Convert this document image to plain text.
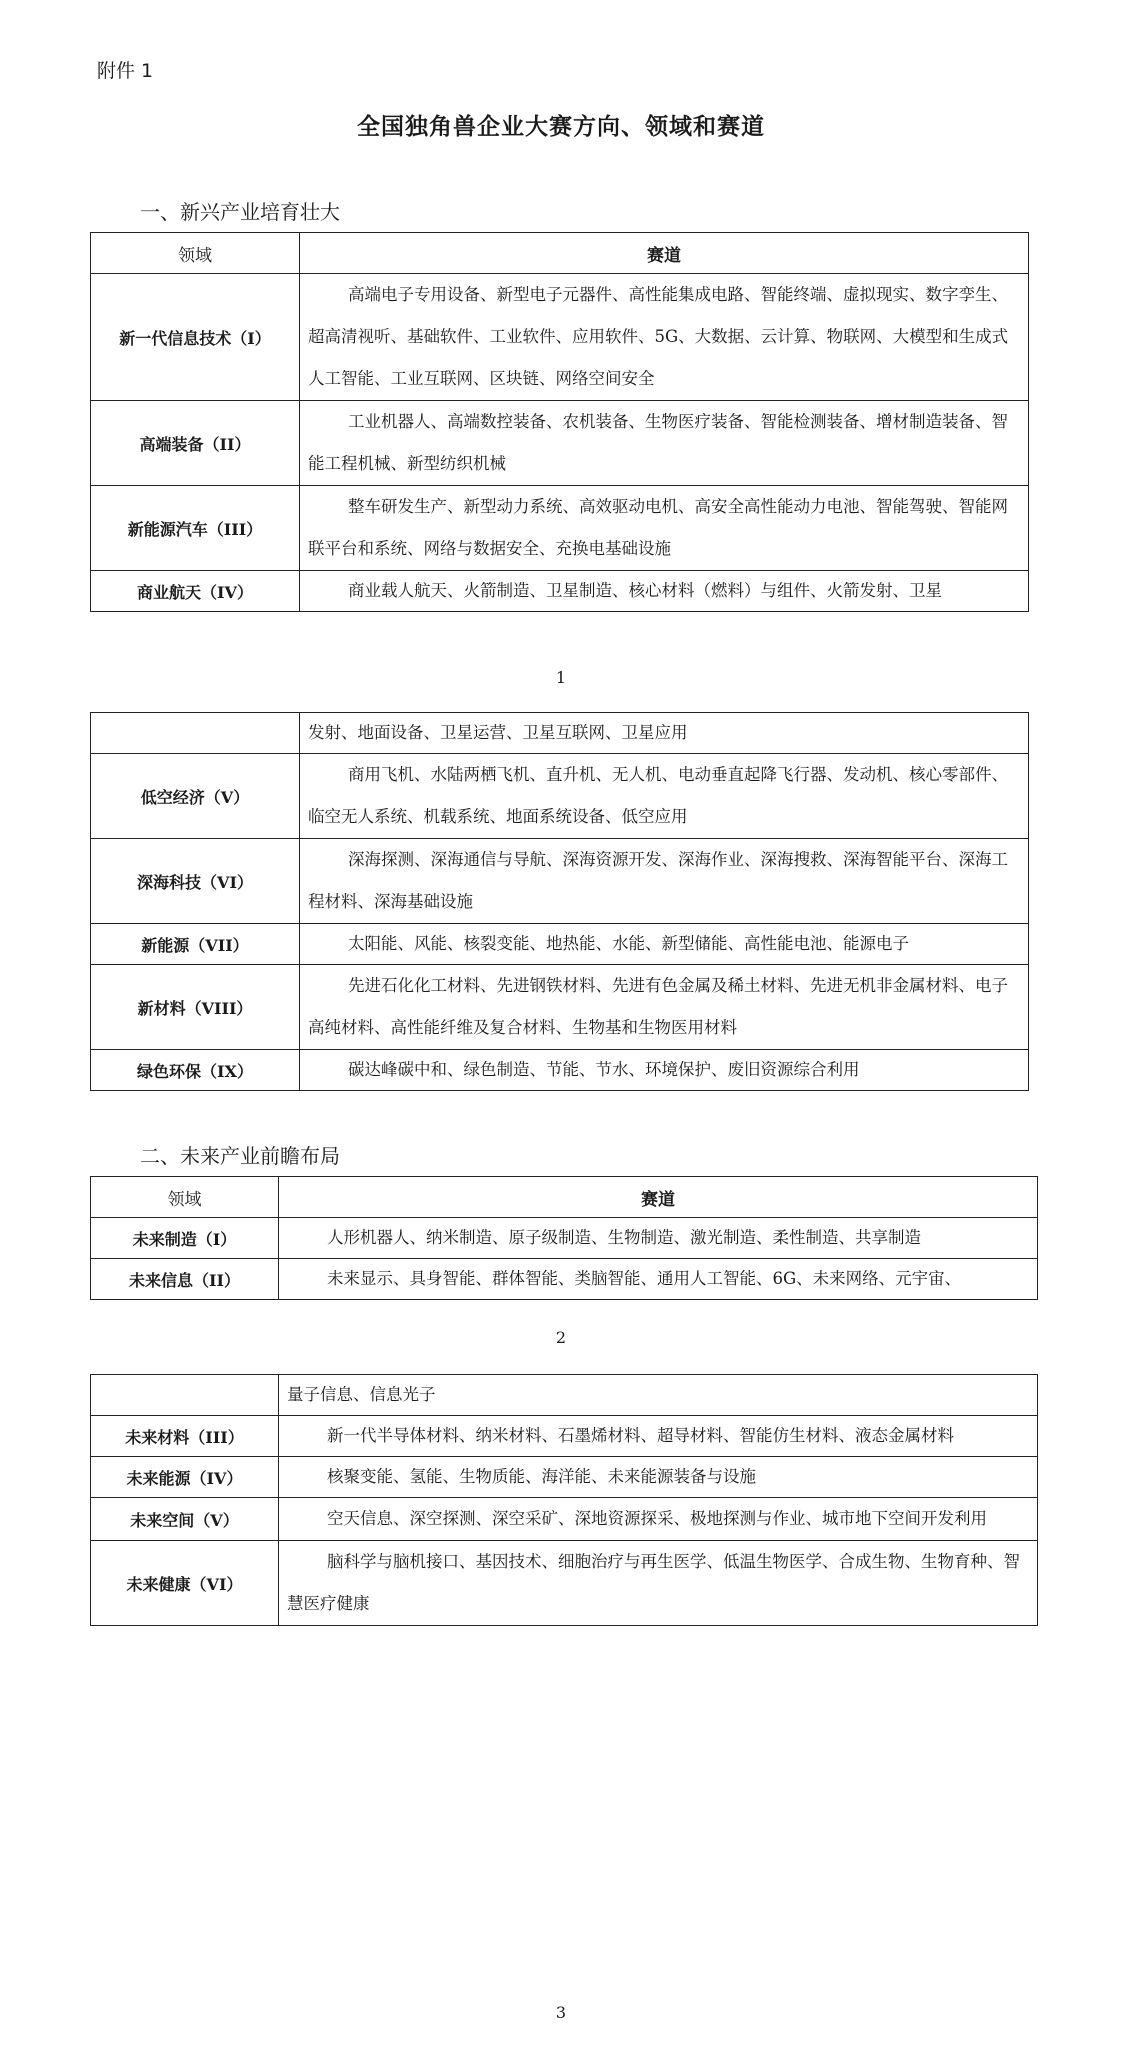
附件 1
全国独角兽企业大赛方向、领域和赛道
一、新兴产业培育壮大
领域	赛道
新一代信息技术（I）	高端电子专用设备、新型电子元器件、高性能集成电路、智能终端、虚拟现实、数字孪生、超高清视听、基础软件、工业软件、应用软件、5G、大数据、云计算、物联网、大模型和生成式人工智能、工业互联网、区块链、网络空间安全
高端装备（II）	工业机器人、高端数控装备、农机装备、生物医疗装备、智能检测装备、增材制造装备、智能工程机械、新型纺织机械
新能源汽车（III）	整车研发生产、新型动力系统、高效驱动电机、高安全高性能动力电池、智能驾驶、智能网联平台和系统、网络与数据安全、充换电基础设施
商业航天（IV）	商业载人航天、火箭制造、卫星制造、核心材料（燃料）与组件、火箭发射、卫星
1
	发射、地面设备、卫星运营、卫星互联网、卫星应用
低空经济（V）	商用飞机、水陆两栖飞机、直升机、无人机、电动垂直起降飞行器、发动机、核心零部件、临空无人系统、机载系统、地面系统设备、低空应用
深海科技（VI）	深海探测、深海通信与导航、深海资源开发、深海作业、深海搜救、深海智能平台、深海工程材料、深海基础设施
新能源（VII）	太阳能、风能、核裂变能、地热能、水能、新型储能、高性能电池、能源电子
新材料（VIII）	先进石化化工材料、先进钢铁材料、先进有色金属及稀土材料、先进无机非金属材料、电子高纯材料、高性能纤维及复合材料、生物基和生物医用材料
绿色环保（IX）	碳达峰碳中和、绿色制造、节能、节水、环境保护、废旧资源综合利用
二、未来产业前瞻布局
领域	赛道
未来制造（I）	人形机器人、纳米制造、原子级制造、生物制造、激光制造、柔性制造、共享制造
未来信息（II）	未来显示、具身智能、群体智能、类脑智能、通用人工智能、6G、未来网络、元宇宙、
2
	量子信息、信息光子
未来材料（III）	新一代半导体材料、纳米材料、石墨烯材料、超导材料、智能仿生材料、液态金属材料
未来能源（IV）	核聚变能、氢能、生物质能、海洋能、未来能源装备与设施
未来空间（V）	空天信息、深空探测、深空采矿、深地资源探采、极地探测与作业、城市地下空间开发利用
未来健康（VI）	脑科学与脑机接口、基因技术、细胞治疗与再生医学、低温生物医学、合成生物、生物育种、智慧医疗健康
3
